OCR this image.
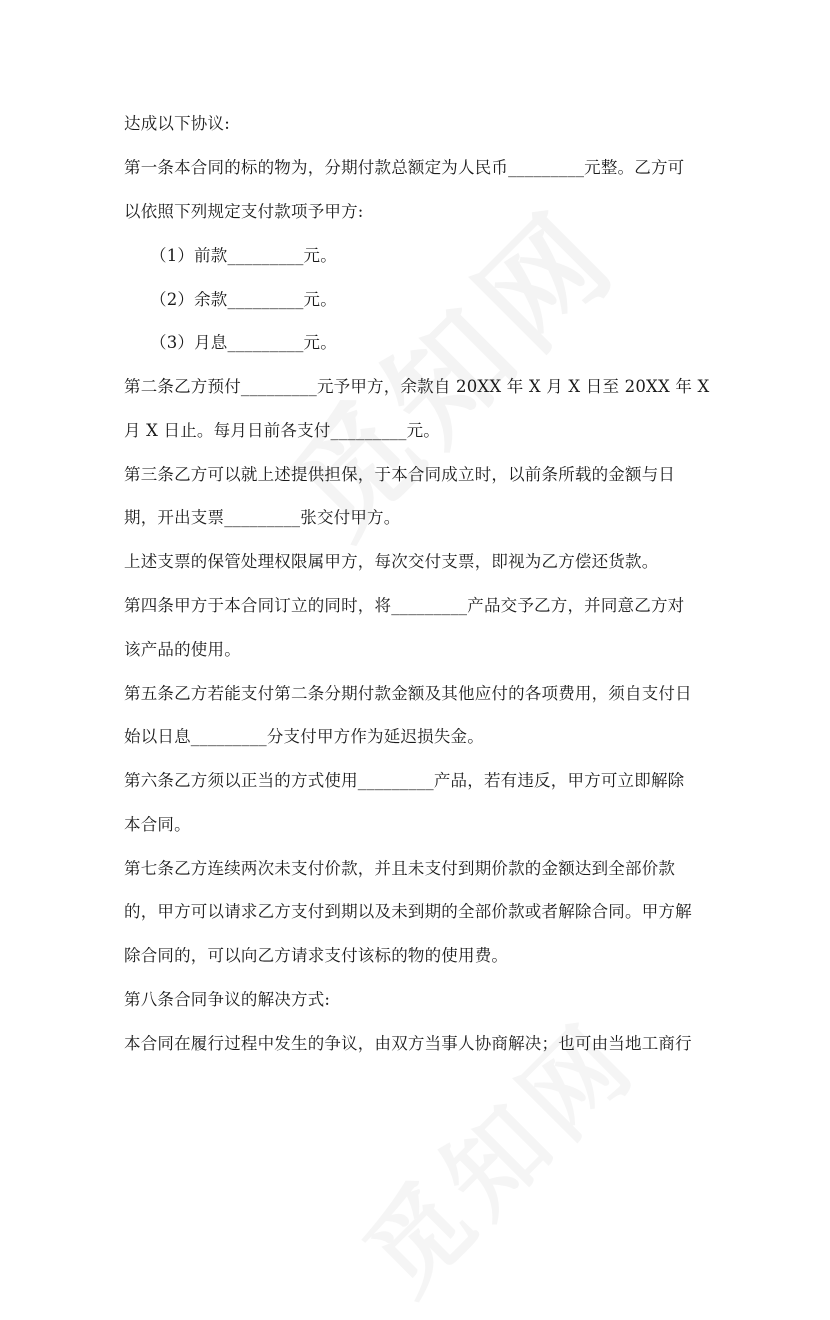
达成以下协议:
第一条本合同的标的物为，分期付款总额定为人民币_________元整。乙方可
以依照下列规定支付款项予甲方:
（1）前款_________元。
（2）余款_________元。
（3）月息_________元。
第二条乙方预付_________元予甲方，余款自 20XX 年 X 月 X 日至 20XX 年 X
月 X 日止。每月日前各支付_________元。
第三条乙方可以就上述提供担保，于本合同成立时，以前条所载的金额与日
期，开出支票_________张交付甲方。
上述支票的保管处理权限属甲方，每次交付支票，即视为乙方偿还货款。
第四条甲方于本合同订立的同时，将_________产品交予乙方，并同意乙方对
该产品的使用。
第五条乙方若能支付第二条分期付款金额及其他应付的各项费用，须自支付日
始以日息_________分支付甲方作为延迟损失金。
第六条乙方须以正当的方式使用_________产品，若有违反，甲方可立即解除
本合同。
第七条乙方连续两次未支付价款，并且未支付到期价款的金额达到全部价款
的，甲方可以请求乙方支付到期以及未到期的全部价款或者解除合同。甲方解
除合同的，可以向乙方请求支付该标的物的使用费。
第八条合同争议的解决方式:
本合同在履行过程中发生的争议，由双方当事人协商解决；也可由当地工商行
